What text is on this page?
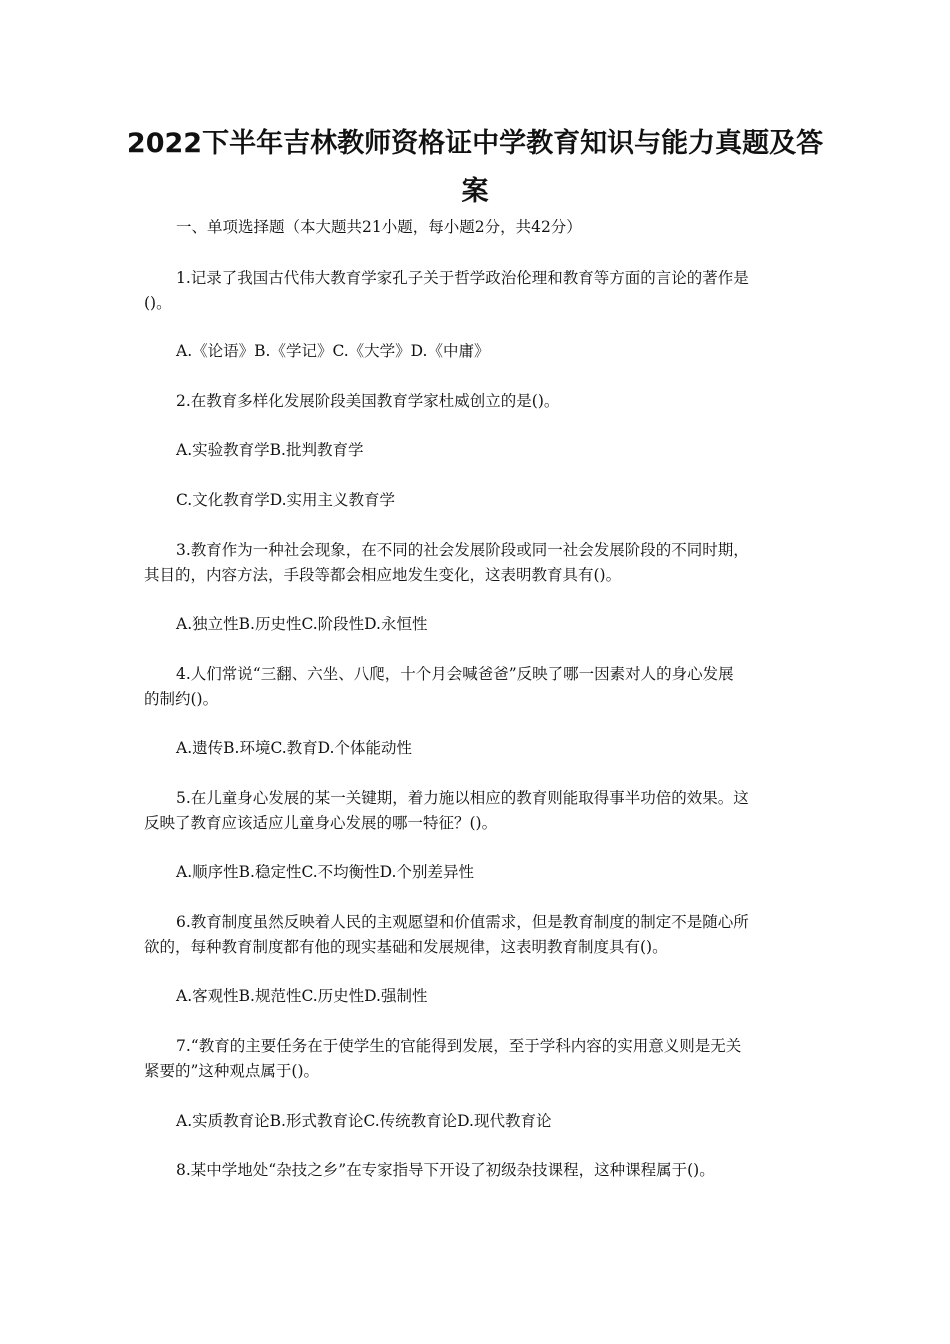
2022下半年吉林教师资格证中学教育知识与能力真题及答
案
一、单项选择题（本大题共21小题，每小题2分，共42分）
1.记录了我国古代伟大教育学家孔子关于哲学政治伦理和教育等方面的言论的著作是
()。
A.《论语》B.《学记》C.《大学》D.《中庸》
2.在教育多样化发展阶段美国教育学家杜威创立的是()。
A.实验教育学B.批判教育学
C.文化教育学D.实用主义教育学
3.教育作为一种社会现象，在不同的社会发展阶段或同一社会发展阶段的不同时期，
其目的，内容方法，手段等都会相应地发生变化，这表明教育具有()。
A.独立性B.历史性C.阶段性D.永恒性
4.人们常说“三翻、六坐、八爬，十个月会喊爸爸”反映了哪一因素对人的身心发展
的制约()。
A.遗传B.环境C.教育D.个体能动性
5.在儿童身心发展的某一关键期，着力施以相应的教育则能取得事半功倍的效果。这
反映了教育应该适应儿童身心发展的哪一特征？()。
A.顺序性B.稳定性C.不均衡性D.个别差异性
6.教育制度虽然反映着人民的主观愿望和价值需求，但是教育制度的制定不是随心所
欲的，每种教育制度都有他的现实基础和发展规律，这表明教育制度具有()。
A.客观性B.规范性C.历史性D.强制性
7.“教育的主要任务在于使学生的官能得到发展，至于学科内容的实用意义则是无关
紧要的”这种观点属于()。
A.实质教育论B.形式教育论C.传统教育论D.现代教育论
8.某中学地处“杂技之乡”在专家指导下开设了初级杂技课程，这种课程属于()。
